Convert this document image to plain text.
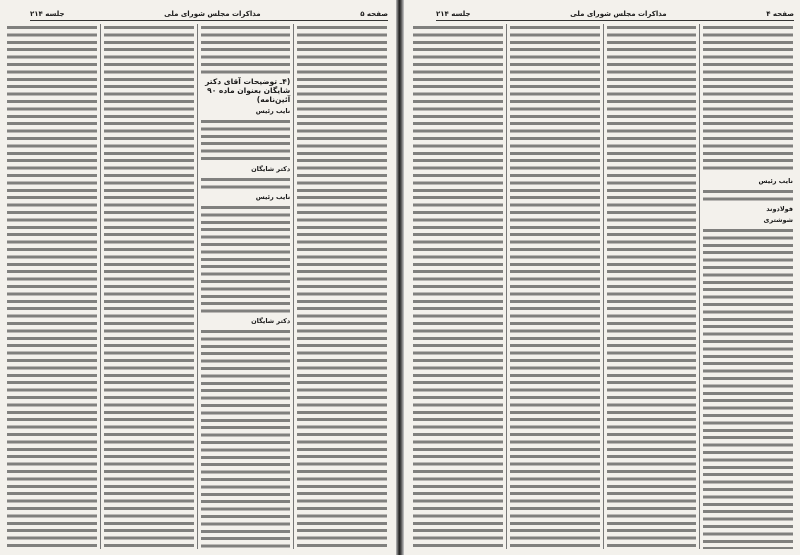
صفحه ۵
مذاکرات مجلس شورای ملی
جلسه ۲۱۴
(۴ـ توضیحات آقای دکتر شایگان بعنوان ماده ۹۰ آئین‌نامه)
نایب رئیس
دکتر شایگان
نایب رئیس
دکتر شایگان
صفحه ۴
مذاکرات مجلس شورای ملی
جلسه ۲۱۴
نایب رئیس
فولادوند
شوشتری
